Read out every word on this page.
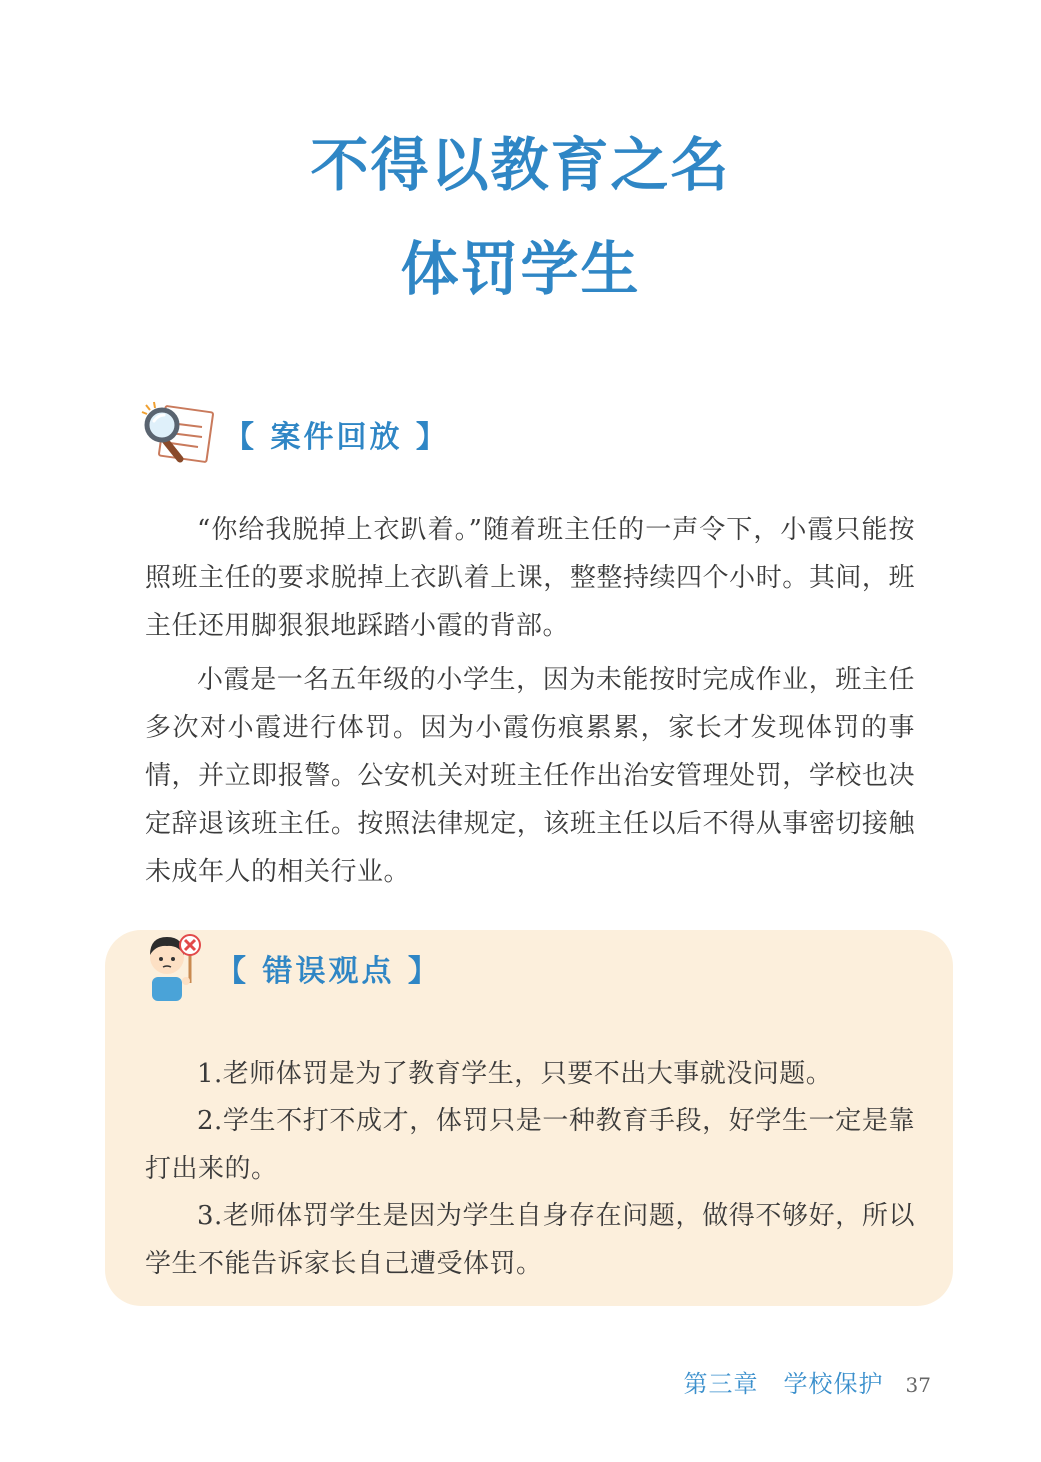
不得以教育之名
体罚学生
【 案件回放 】

“你给我脱掉上衣趴着。”随着班主任的一声令下，小霞只能按照班主任的要求脱掉上衣趴着上课，整整持续四个小时。其间，班主任还用脚狠狠地踩踏小霞的背部。

小霞是一名五年级的小学生，因为未能按时完成作业，班主任多次对小霞进行体罚。因为小霞伤痕累累，家长才发现体罚的事情，并立即报警。公安机关对班主任作出治安管理处罚，学校也决定辞退该班主任。按照法律规定，该班主任以后不得从事密切接触未成年人的相关行业。

【 错误观点 】

1.老师体罚是为了教育学生，只要不出大事就没问题。

2.学生不打不成才，体罚只是一种教育手段，好学生一定是靠打出来的。

3.老师体罚学生是因为学生自身存在问题，做得不够好，所以学生不能告诉家长自己遭受体罚。

第三章　学校保护 37
